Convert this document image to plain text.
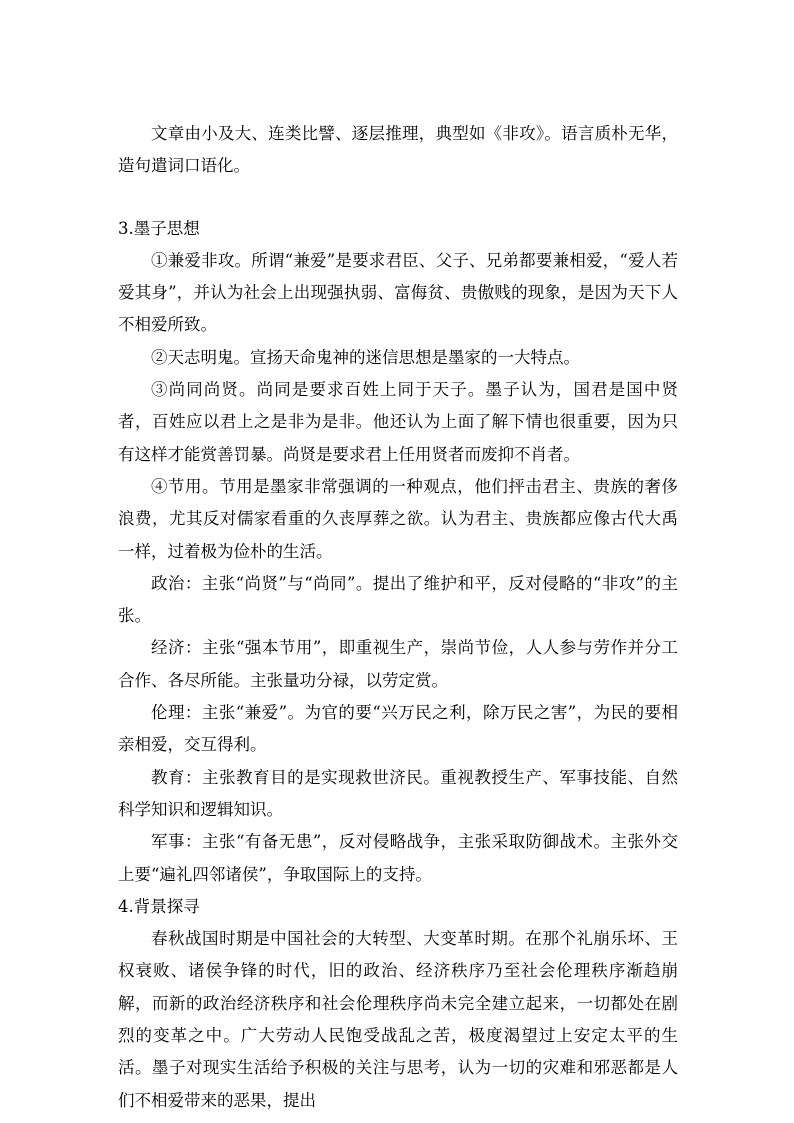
文章由小及大、连类比譬、逐层推理，典型如《非攻》。语言质朴无华，造句遣词口语化。

3.墨子思想

①兼爱非攻。所谓“兼爱”是要求君臣、父子、兄弟都要兼相爱，“爱人若爱其身”，并认为社会上出现强执弱、富侮贫、贵傲贱的现象，是因为天下人不相爱所致。

②天志明鬼。宣扬天命鬼神的迷信思想是墨家的一大特点。

③尚同尚贤。尚同是要求百姓上同于天子。墨子认为，国君是国中贤者，百姓应以君上之是非为是非。他还认为上面了解下情也很重要，因为只有这样才能赏善罚暴。尚贤是要求君上任用贤者而废抑不肖者。

④节用。节用是墨家非常强调的一种观点，他们抨击君主、贵族的奢侈浪费，尤其反对儒家看重的久丧厚葬之欲。认为君主、贵族都应像古代大禹一样，过着极为俭朴的生活。

政治：主张“尚贤”与“尚同”。提出了维护和平，反对侵略的“非攻”的主张。

经济：主张“强本节用”，即重视生产，崇尚节俭，人人参与劳作并分工合作、各尽所能。主张量功分禄，以劳定赏。

伦理：主张“兼爱”。为官的要“兴万民之利，除万民之害”，为民的要相亲相爱，交互得利。

教育：主张教育目的是实现救世济民。重视教授生产、军事技能、自然科学知识和逻辑知识。

军事：主张“有备无患”，反对侵略战争，主张采取防御战术。主张外交上要“遍礼四邻诸侯”，争取国际上的支持。

4.背景探寻

春秋战国时期是中国社会的大转型、大变革时期。在那个礼崩乐坏、王权衰败、诸侯争锋的时代，旧的政治、经济秩序乃至社会伦理秩序渐趋崩解，而新的政治经济秩序和社会伦理秩序尚未完全建立起来，一切都处在剧烈的变革之中。广大劳动人民饱受战乱之苦，极度渴望过上安定太平的生活。墨子对现实生活给予积极的关注与思考，认为一切的灾难和邪恶都是人们不相爱带来的恶果，提出
